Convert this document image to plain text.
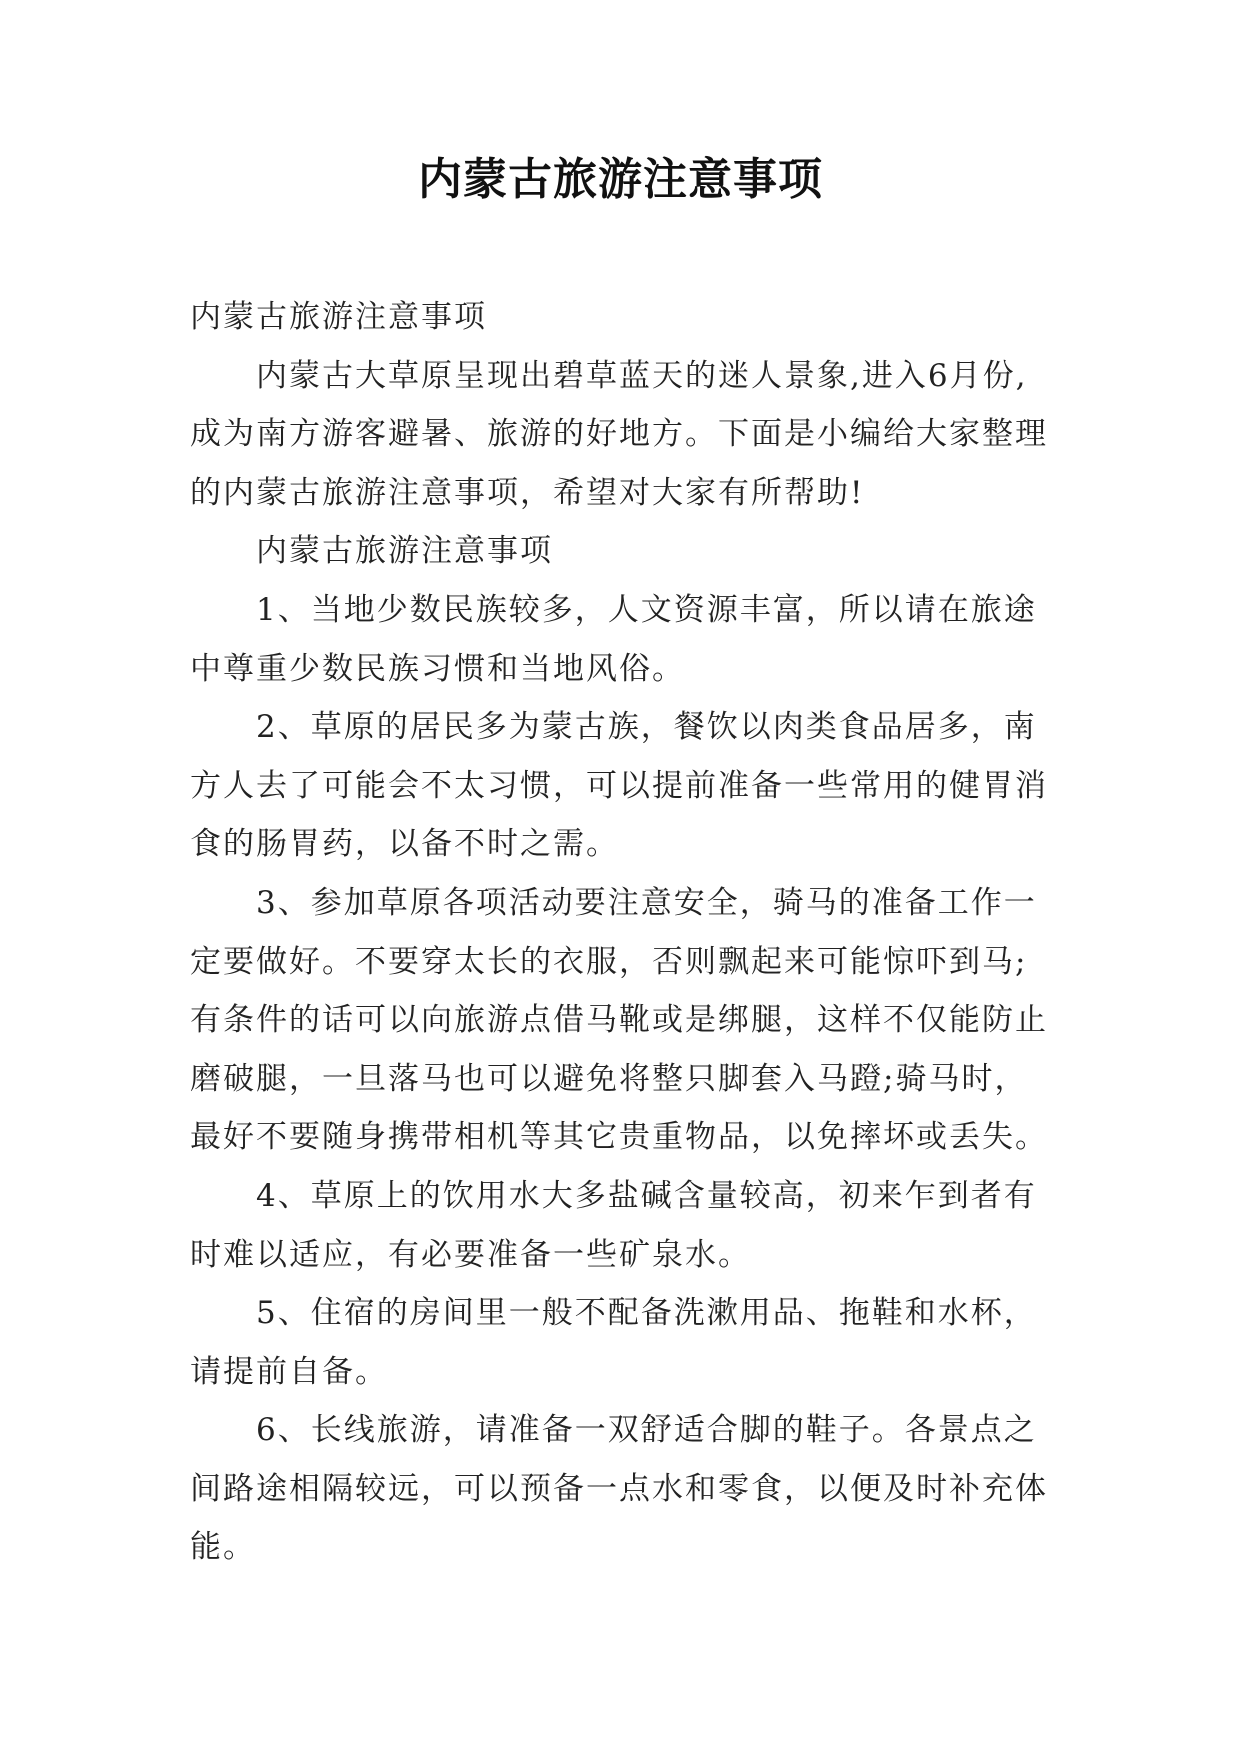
内蒙古旅游注意事项

内蒙古旅游注意事项

内蒙古大草原呈现出碧草蓝天的迷人景象,进入6月份,成为南方游客避暑、旅游的好地方。下面是小编给大家整理的内蒙古旅游注意事项，希望对大家有所帮助!

内蒙古旅游注意事项

1、当地少数民族较多，人文资源丰富，所以请在旅途中尊重少数民族习惯和当地风俗。

2、草原的居民多为蒙古族，餐饮以肉类食品居多，南方人去了可能会不太习惯，可以提前准备一些常用的健胃消食的肠胃药，以备不时之需。

3、参加草原各项活动要注意安全，骑马的准备工作一定要做好。不要穿太长的衣服，否则飘起来可能惊吓到马;有条件的话可以向旅游点借马靴或是绑腿，这样不仅能防止磨破腿，一旦落马也可以避免将整只脚套入马蹬;骑马时，最好不要随身携带相机等其它贵重物品，以免摔坏或丢失。

4、草原上的饮用水大多盐碱含量较高，初来乍到者有时难以适应，有必要准备一些矿泉水。

5、住宿的房间里一般不配备洗漱用品、拖鞋和水杯，请提前自备。

6、长线旅游，请准备一双舒适合脚的鞋子。各景点之间路途相隔较远，可以预备一点水和零食，以便及时补充体能。
